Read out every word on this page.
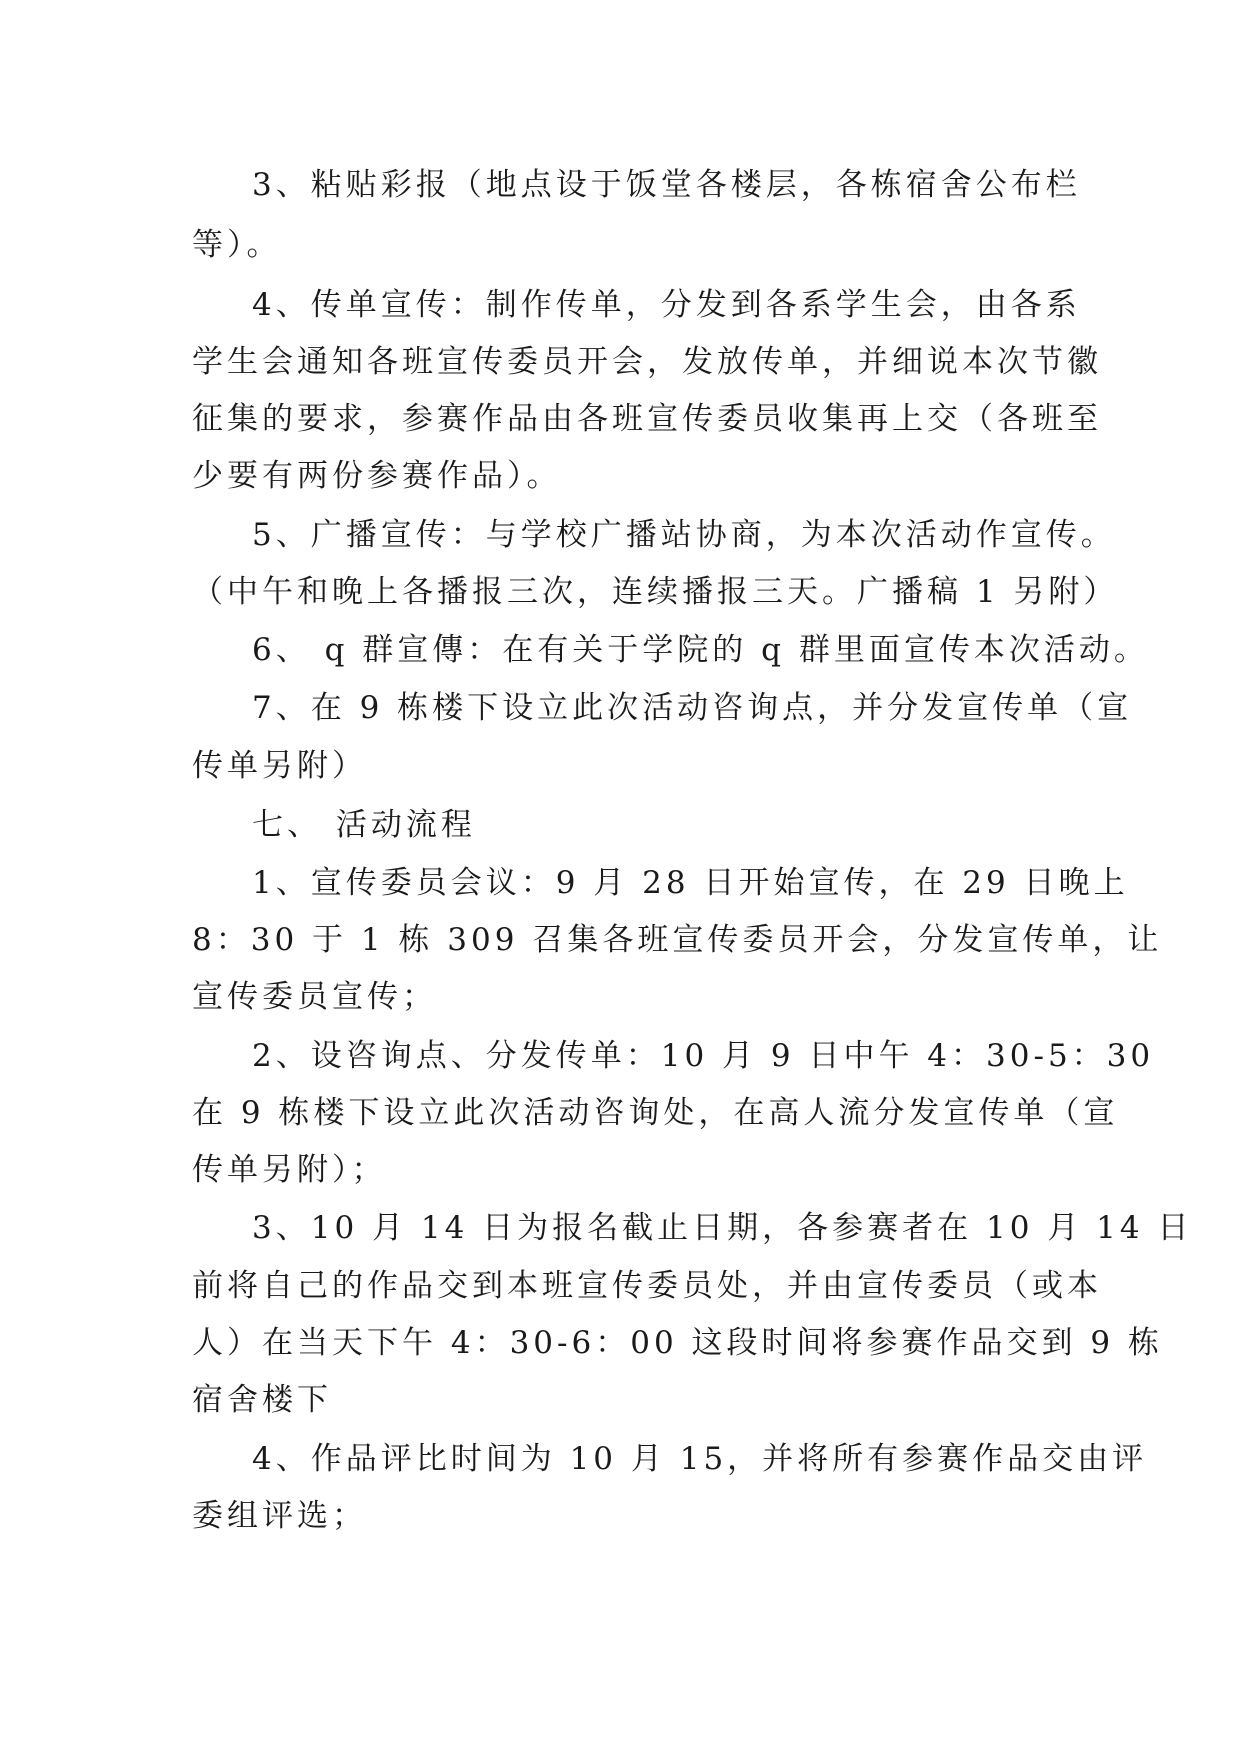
3、粘贴彩报（地点设于饭堂各楼层，各栋宿舍公布栏
等）。
4、传单宣传：制作传单，分发到各系学生会，由各系
学生会通知各班宣传委员开会，发放传单，并细说本次节徽
征集的要求，参赛作品由各班宣传委员收集再上交（各班至
少要有两份参赛作品）。
5、广播宣传：与学校广播站协商，为本次活动作宣传。
（中午和晚上各播报三次，连续播报三天。广播稿 1 另附）
6、 q 群宣傳：在有关于学院的 q 群里面宣传本次活动。
7、在 9 栋楼下设立此次活动咨询点，并分发宣传单（宣
传单另附）
七、 活动流程
1、宣传委员会议：9 月 28 日开始宣传，在 29 日晚上
8：30 于 1 栋 309 召集各班宣传委员开会，分发宣传单，让
宣传委员宣传；
2、设咨询点、分发传单：10 月 9 日中午 4：30-5：30
在 9 栋楼下设立此次活动咨询处，在高人流分发宣传单（宣
传单另附）；
3、10 月 14 日为报名截止日期，各参赛者在 10 月 14 日
前将自己的作品交到本班宣传委员处，并由宣传委员（或本
人）在当天下午 4：30-6：00 这段时间将参赛作品交到 9 栋
宿舍楼下
4、作品评比时间为 10 月 15，并将所有参赛作品交由评
委组评选；
